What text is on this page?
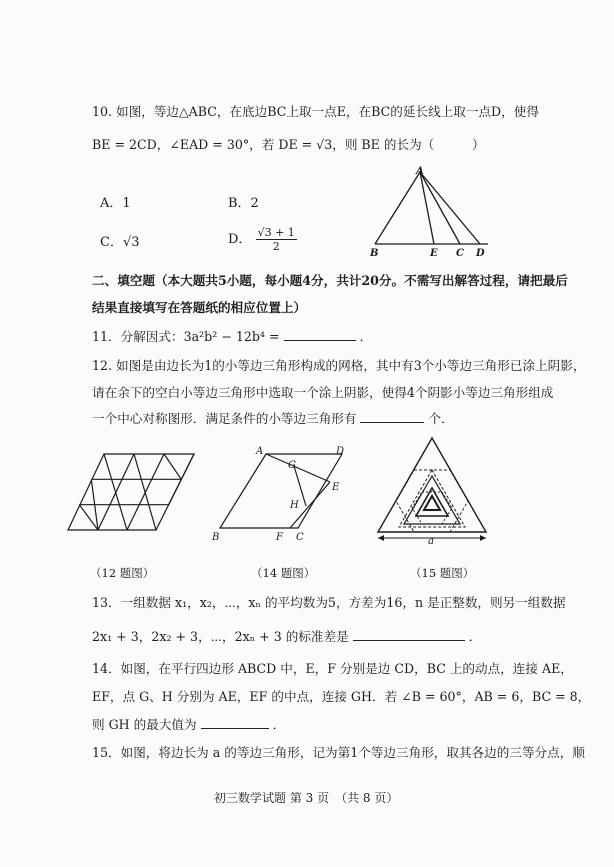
10. 如图，等边△ABC，在底边BC上取一点E，在BC的延长线上取一点D，使得
BE = 2CD，∠EAD = 30°，若 DE = √3，则 BE 的长为（　　　）
A．1	B．2
C．√3	D． $\frac{√3 + 1}{2}$
A
B	E C D
二、填空题（本大题共5小题，每小题4分，共计20分。不需写出解答过程，请把最后
结果直接填写在答题纸的相应位置上）
11．分解因式：3a²b² − 12b⁴ =	．
12. 如图是由边长为1的小等边三角形构成的网格，其中有3个小等边三角形已涂上阴影，
请在余下的空白小等边三角形中选取一个涂上阴影，使得4个阴影小等边三角形组成
一个中心对称图形．满足条件的小等边三角形有	个．
A	D
G
E
H
B	F C	a
（12 题图）	（14 题图）	（15 题图）
13．一组数据 x₁，x₂，⋯，xₙ 的平均数为5，方差为16，n 是正整数，则另一组数据
2x₁ + 3，2x₂ + 3，⋯，2xₙ + 3 的标准差是	．
14．如图，在平行四边形 ABCD 中，E，F 分别是边 CD，BC 上的动点，连接 AE，
EF，点 G、H 分别为 AE，EF 的中点，连接 GH．若 ∠B = 60°，AB = 6，BC = 8，
则 GH 的最大值为	．
15．如图，将边长为 a 的等边三角形，记为第1个等边三角形，取其各边的三等分点，顺
初三数学试题 第 3 页　（共 8 页）
